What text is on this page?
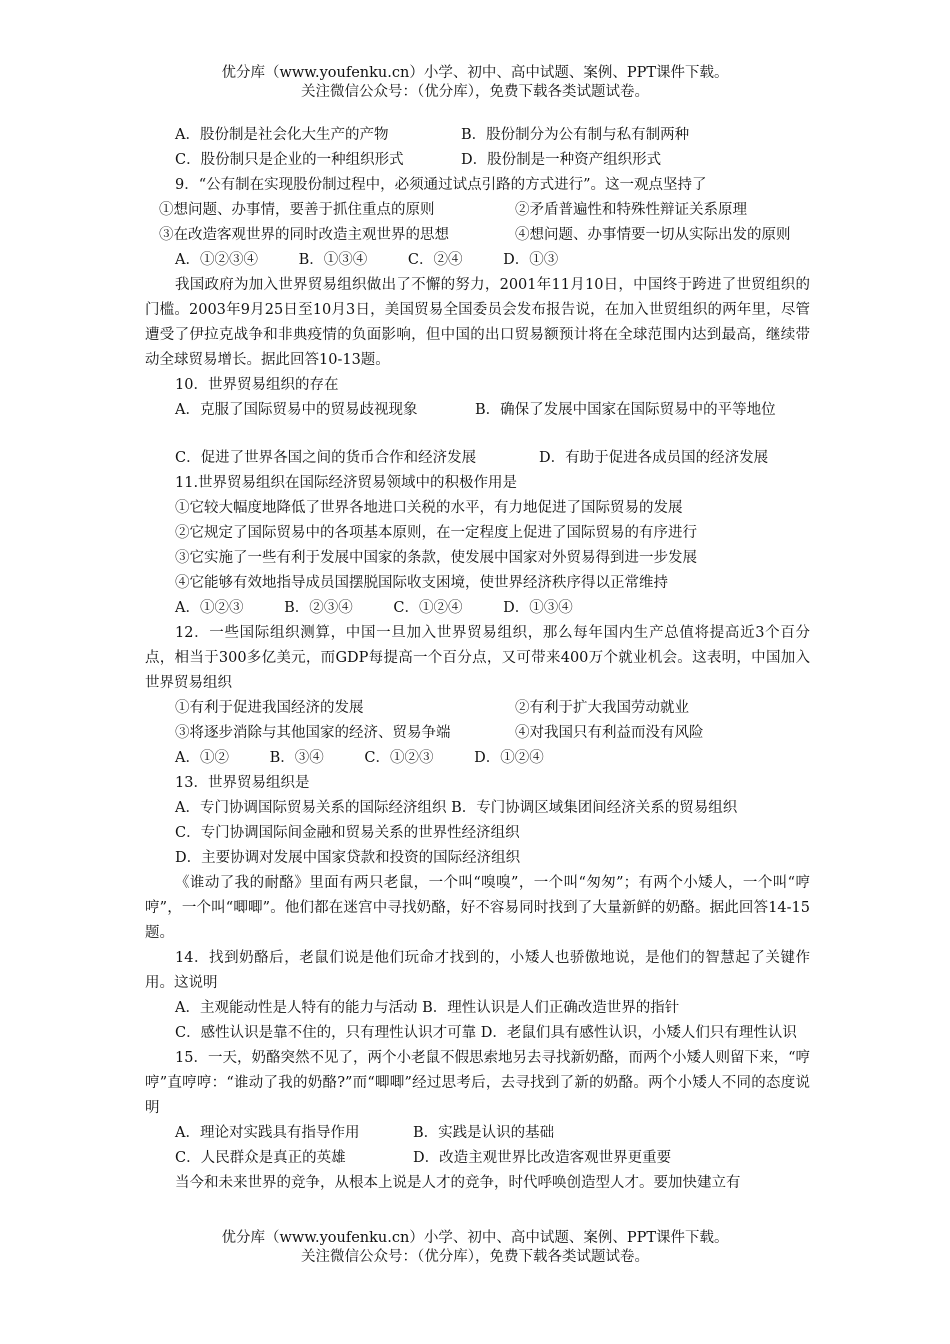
优分库（www.youfenku.cn）小学、初中、高中试题、案例、PPT课件下载。
关注微信公众号：（优分库），免费下载各类试题试卷。

A．股份制是社会化大生产的产物	B．股份制分为公有制与私有制两种

C．股份制只是企业的一种组织形式	D．股份制是一种资产组织形式

9．“公有制在实现股份制过程中，必须通过试点引路的方式进行”。这一观点坚持了

①想问题、办事情，要善于抓住重点的原则	②矛盾普遍性和特殊性辩证关系原理

③在改造客观世界的同时改造主观世界的思想	④想问题、办事情要一切从实际出发的原则

A．①②③④	B．①③④	C．②④	D．①③

我国政府为加入世界贸易组织做出了不懈的努力，2001年11月10日，中国终于跨进了世贸组织的门槛。2003年9月25日至10月3日，美国贸易全国委员会发布报告说，在加入世贸组织的两年里，尽管遭受了伊拉克战争和非典疫情的负面影响，但中国的出口贸易额预计将在全球范围内达到最高，继续带动全球贸易增长。据此回答10-13题。

10．世界贸易组织的存在

A．克服了国际贸易中的贸易歧视现象	B．确保了发展中国家在国际贸易中的平等地位

C．促进了世界各国之间的货币合作和经济发展	D．有助于促进各成员国的经济发展

11.世界贸易组织在国际经济贸易领域中的积极作用是

①它较大幅度地降低了世界各地进口关税的水平，有力地促进了国际贸易的发展

②它规定了国际贸易中的各项基本原则，在一定程度上促进了国际贸易的有序进行

③它实施了一些有利于发展中国家的条款，使发展中国家对外贸易得到进一步发展

④它能够有效地指导成员国摆脱国际收支困境，使世界经济秩序得以正常维持

A．①②③	B．②③④	C．①②④	D．①③④

12．一些国际组织测算，中国一旦加入世界贸易组织，那么每年国内生产总值将提高近3个百分点，相当于300多亿美元，而GDP每提高一个百分点，又可带来400万个就业机会。这表明，中国加入世界贸易组织

①有利于促进我国经济的发展	②有利于扩大我国劳动就业

③将逐步消除与其他国家的经济、贸易争端	④对我国只有利益而没有风险

A．①②	B．③④	C．①②③	D．①②④

13．世界贸易组织是

A．专门协调国际贸易关系的国际经济组织 B．专门协调区域集团间经济关系的贸易组织

C．专门协调国际间金融和贸易关系的世界性经济组织

D．主要协调对发展中国家贷款和投资的国际经济组织

《谁动了我的耐酪》里面有两只老鼠，一个叫“嗅嗅”，一个叫“匆匆”；有两个小矮人，一个叫“哼哼”，一个叫“唧唧”。他们都在迷宫中寻找奶酪，好不容易同时找到了大量新鲜的奶酪。据此回答14-15题。

14．找到奶酪后，老鼠们说是他们玩命才找到的，小矮人也骄傲地说，是他们的智慧起了关键作用。这说明

A．主观能动性是人特有的能力与活动 B．理性认识是人们正确改造世界的指针

C．感性认识是靠不住的，只有理性认识才可靠 D．老鼠们具有感性认识，小矮人们只有理性认识

15．一天，奶酪突然不见了，两个小老鼠不假思索地另去寻找新奶酪，而两个小矮人则留下来，“哼哼”直哼哼：“谁动了我的奶酪?”而“唧唧”经过思考后，去寻找到了新的奶酪。两个小矮人不同的态度说明

A．理论对实践具有指导作用	B．实践是认识的基础

C．人民群众是真正的英雄	D．改造主观世界比改造客观世界更重要

当今和未来世界的竞争，从根本上说是人才的竞争，时代呼唤创造型人才。要加快建立有

优分库（www.youfenku.cn）小学、初中、高中试题、案例、PPT课件下载。
关注微信公众号：（优分库），免费下载各类试题试卷。
